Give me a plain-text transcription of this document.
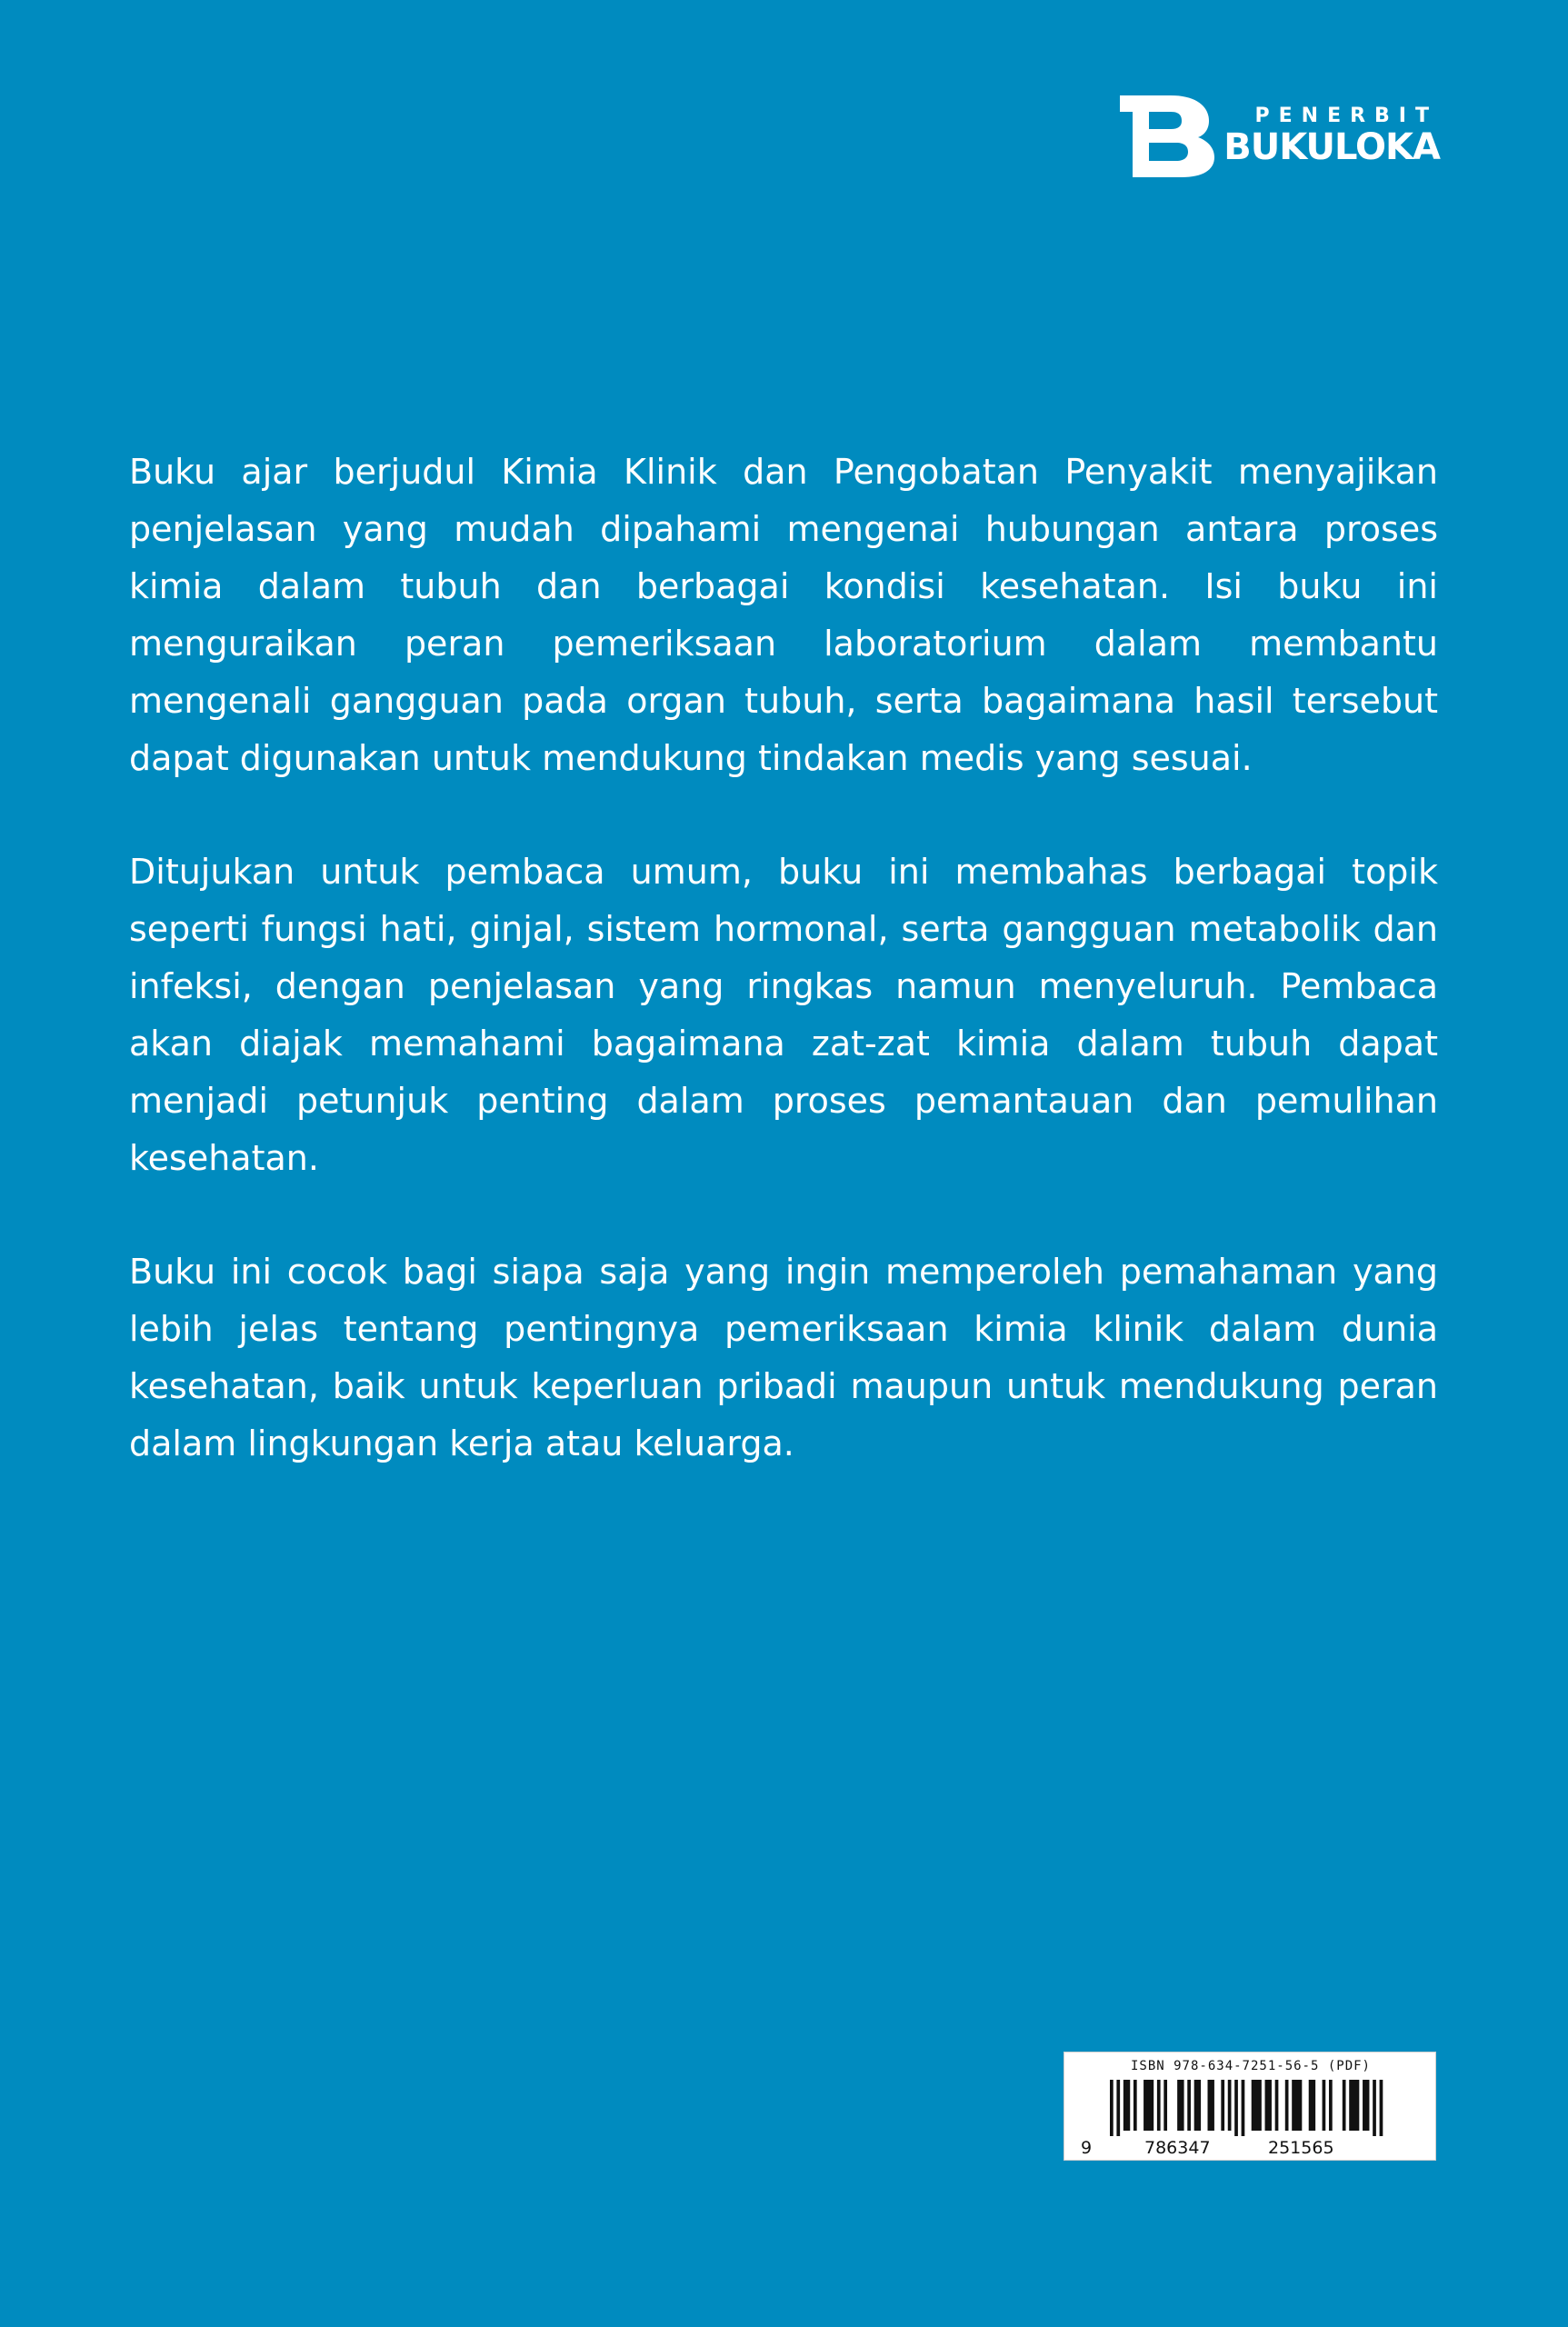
PENERBIT
BUKULOKA

Buku ajar berjudul Kimia Klinik dan Pengobatan Penyakit menyajikan penjelasan yang mudah dipahami mengenai hubungan antara proses kimia dalam tubuh dan berbagai kondisi kesehatan. Isi buku ini menguraikan peran pemeriksaan laboratorium dalam membantu mengenali gangguan pada organ tubuh, serta bagaimana hasil tersebut dapat digunakan untuk mendukung tindakan medis yang sesuai.

Ditujukan untuk pembaca umum, buku ini membahas berbagai topik seperti fungsi hati, ginjal, sistem hormonal, serta gangguan metabolik dan infeksi, dengan penjelasan yang ringkas namun menyeluruh. Pembaca akan diajak memahami bagaimana zat-zat kimia dalam tubuh dapat menjadi petunjuk penting dalam proses pemantauan dan pemulihan kesehatan.

Buku ini cocok bagi siapa saja yang ingin memperoleh pemahaman yang lebih jelas tentang pentingnya pemeriksaan kimia klinik dalam dunia kesehatan, baik untuk keperluan pribadi maupun untuk mendukung peran dalam lingkungan kerja atau keluarga.

ISBN 978-634-7251-56-5 (PDF)
9	786347	251565
